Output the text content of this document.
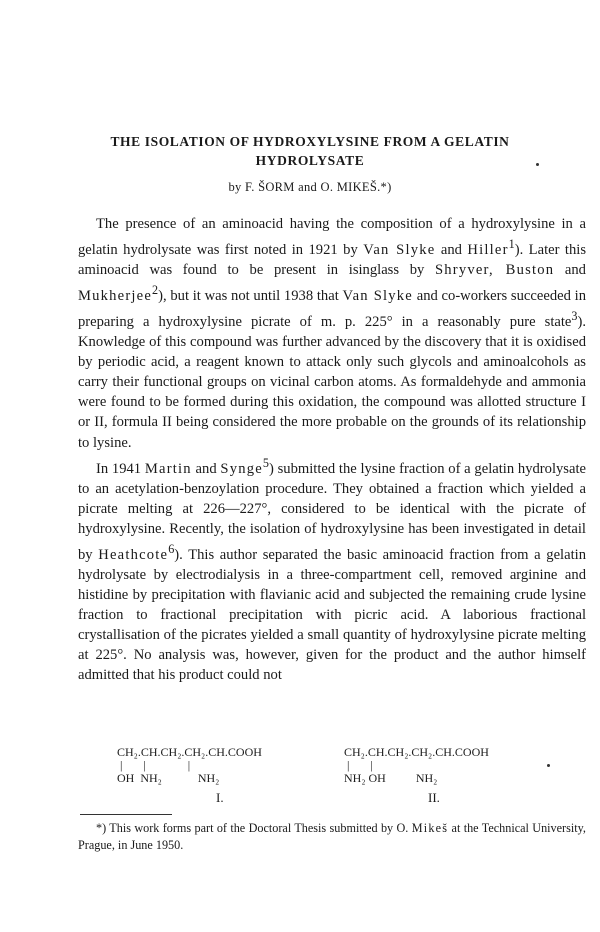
THE ISOLATION OF HYDROXYLYSINE FROM A GELATIN
HYDROLYSATE

by F. ŠORM and O. MIKEŠ.*)

The presence of an aminoacid having the composition of a hydroxylysine in a gelatin hydrolysate was first noted in 1921 by Van Slyke and Hiller$^1$). Later this aminoacid was found to be present in isinglass by Shryver, Buston and Mukherjee$^2$), but it was not until 1938 that Van Slyke and co-workers succeeded in preparing a hydroxylysine picrate of m. p. 225° in a reasonably pure state$^3$). Knowledge of this compound was further advanced by the discovery that it is oxidised by periodic acid, a reagent known to attack only such glycols and aminoalcohols as carry their functional groups on vicinal carbon atoms. As formaldehyde and ammonia were found to be formed during this oxidation, the compound was allotted structure I or II, formula II being considered the more probable on the grounds of its relationship to lysine.

In 1941 Martin and Synge$^5$) submitted the lysine fraction of a gelatin hydrolysate to an acetylation-benzoylation procedure. They obtained a fraction which yielded a picrate melting at 226—227°, considered to be identical with the picrate of hydroxylysine. Recently, the isolation of hydroxylysine has been investigated in detail by Heathcote$^6$). This author separated the basic aminoacid fraction from a gelatin hydrolysate by electrodialysis in a three-compartment cell, removed arginine and histidine by precipitation with flavianic acid and subjected the remaining crude lysine fraction to fractional precipitation with picric acid. A laborious fractional crystallisation of the picrates yielded a small quantity of hydroxylysine picrate melting at 225°. No analysis was, however, given for the product and the author himself admitted that his product could not

CH₂.CH.CH₂.CH₂.CH.COOH
|       |              |
OH  NH₂            NH₂
I.
CH₂.CH.CH₂.CH₂.CH.COOH
|       |
NH₂ OH          NH₂
II.

*) This work forms part of the Doctoral Thesis submitted by O. Mikeš at the Technical University, Prague, in June 1950.
